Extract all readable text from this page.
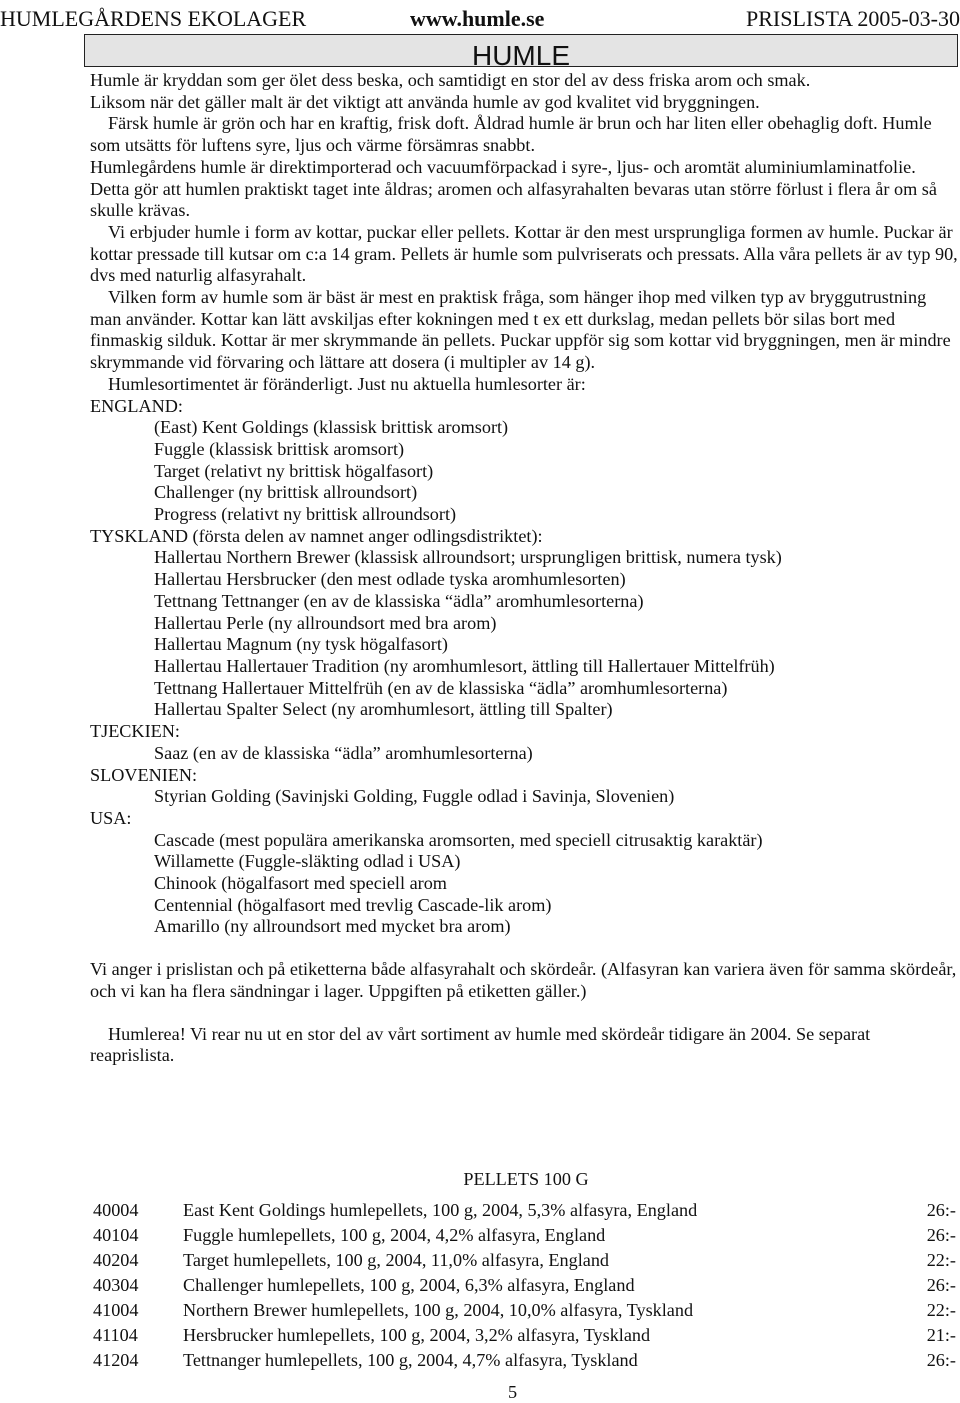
HUMLEGÅRDENS EKOLAGER	www.humle.se	PRISLISTA 2005-03-30
HUMLE

Humle är kryddan som ger ölet dess beska, och samtidigt en stor del av dess friska arom och smak.

Liksom när det gäller malt är det viktigt att använda humle av god kvalitet vid bryggningen.

Färsk humle är grön och har en kraftig, frisk doft. Åldrad humle är brun och har liten eller obehaglig doft. Humle som utsätts för luftens syre, ljus och värme försämras snabbt.

Humlegårdens humle är direktimporterad och vacuumförpackad i syre-, ljus- och aromtät aluminiumlaminatfolie. Detta gör att humlen praktiskt taget inte åldras; aromen och alfasyrahalten bevaras utan större förlust i flera år om så skulle krävas.

Vi erbjuder humle i form av kottar, puckar eller pellets. Kottar är den mest ursprungliga formen av humle. Puckar är kottar pressade till kutsar om c:a 14 gram. Pellets är humle som pulvriserats och pressats. Alla våra pellets är av typ 90, dvs med naturlig alfasyrahalt.

Vilken form av humle som är bäst är mest en praktisk fråga, som hänger ihop med vilken typ av bryggutrustning man använder. Kottar kan lätt avskiljas efter kokningen med t ex ett durkslag, medan pellets bör silas bort med finmaskig silduk. Kottar är mer skrymmande än pellets. Puckar uppför sig som kottar vid bryggningen, men är mindre skrymmande vid förvaring och lättare att dosera (i multipler av 14 g).

Humlesortimentet är föränderligt. Just nu aktuella humlesorter är:

ENGLAND:

(East) Kent Goldings (klassisk brittisk aromsort)

Fuggle (klassisk brittisk aromsort)

Target (relativt ny brittisk högalfasort)

Challenger (ny brittisk allroundsort)

Progress (relativt ny brittisk allroundsort)

TYSKLAND (första delen av namnet anger odlingsdistriktet):

Hallertau Northern Brewer (klassisk allroundsort; ursprungligen brittisk, numera tysk)

Hallertau Hersbrucker (den mest odlade tyska aromhumlesorten)

Tettnang Tettnanger (en av de klassiska “ädla” aromhumlesorterna)

Hallertau Perle (ny allroundsort med bra arom)

Hallertau Magnum (ny tysk högalfasort)

Hallertau Hallertauer Tradition (ny aromhumlesort, ättling till Hallertauer Mittelfrüh)

Tettnang Hallertauer Mittelfrüh (en av de klassiska “ädla” aromhumlesorterna)

Hallertau Spalter Select (ny aromhumlesort, ättling till Spalter)

TJECKIEN:

Saaz (en av de klassiska “ädla” aromhumlesorterna)

SLOVENIEN:

Styrian Golding (Savinjski Golding, Fuggle odlad i Savinja, Slovenien)

USA:

Cascade (mest populära amerikanska aromsorten, med speciell citrusaktig karaktär)

Willamette (Fuggle-släkting odlad i USA)

Chinook (högalfasort med speciell arom

Centennial (högalfasort med trevlig Cascade-lik arom)

Amarillo (ny allroundsort med mycket bra arom)

Vi anger i prislistan och på etiketterna både alfasyrahalt och skördeår. (Alfasyran kan variera även för samma skördeår, och vi kan ha flera sändningar i lager. Uppgiften på etiketten gäller.)

Humlerea! Vi rear nu ut en stor del av vårt sortiment av humle med skördeår tidigare än 2004. Se separat reaprislista.

PELLETS 100 G
40004 East Kent Goldings humlepellets, 100 g, 2004, 5,3% alfasyra, England	26:-
40104 Fuggle humlepellets, 100 g, 2004, 4,2% alfasyra, England	26:-
40204 Target humlepellets, 100 g, 2004, 11,0% alfasyra, England	22:-
40304 Challenger humlepellets, 100 g, 2004, 6,3% alfasyra, England	26:-
41004 Northern Brewer humlepellets, 100 g, 2004, 10,0% alfasyra, Tyskland	22:-
41104 Hersbrucker humlepellets, 100 g, 2004, 3,2% alfasyra, Tyskland	21:-
41204 Tettnanger humlepellets, 100 g, 2004, 4,7% alfasyra, Tyskland	26:-
5
